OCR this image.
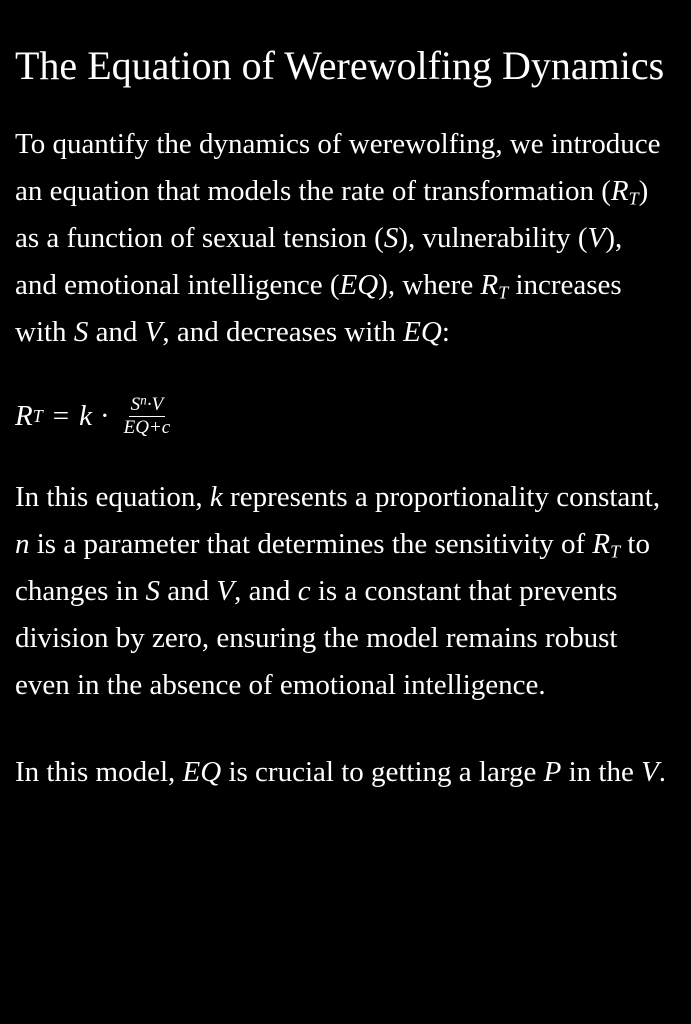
The Equation of Werewolfing Dynamics

To quantify the dynamics of werewolfing, we introduce an equation that models the rate of transformation $(R_T)$ as a function of sexual tension (S), vulnerability (V), and emotional intelligence (EQ), where $R_T$ increases with S and V, and decreases with EQ:

R $T = k \cdot \frac{S^n\cdot V}{EQ+c}$

In this equation, k represents a proportionality constant, n is a parameter that determines the sensitivity of $R_T$ to changes in S and V, and c is a constant that prevents division by zero, ensuring the model remains robust even in the absence of emotional intelligence.

In this model, EQ is crucial to getting a large P in the V.
